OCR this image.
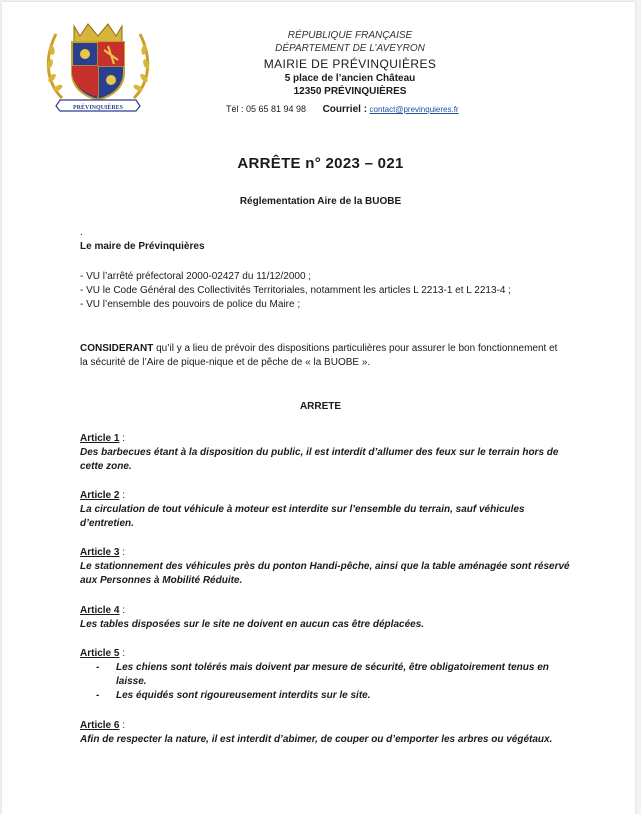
PRÉVINQUIÈRES
RÉPUBLIQUE FRANÇAISE
DÉPARTEMENT DE L’AVEYRON
MAIRIE DE PRÉVINQUIÈRES
5 place de l’ancien Château
12350 PRÉVINQUIÈRES
Tél : 05 65 81 94 98 Courriel : contact@previnquieres.fr
ARRÊTE n° 2023 – 021
Réglementation Aire de la BUOBE
.
Le maire de Prévinquières

- VU l’arrêté préfectoral 2000-02427 du 11/12/2000 ;

- VU le Code Général des Collectivités Territoriales, notamment les articles L 2213-1 et L 2213-4 ;

- VU l’ensemble des pouvoirs de police du Maire ;

CONSIDERANT qu’il y a lieu de prévoir des dispositions particulières pour assurer le bon fonctionnement et la sécurité de l’Aire de pique-nique et de pêche de « la BUOBE ».
ARRETE
Article 1 :
Des barbecues étant à la disposition du public, il est interdit d’allumer des feux sur le terrain hors de cette zone.
Article 2 :
La circulation de tout véhicule à moteur est interdite sur l’ensemble du terrain, sauf véhicules d’entretien.
Article 3 :
Le stationnement des véhicules près du ponton Handi-pêche, ainsi que la table aménagée sont réservé aux Personnes à Mobilité Réduite.
Article 4 :
Les tables disposées sur le site ne doivent en aucun cas être déplacées.
Article 5 :
- Les chiens sont tolérés mais doivent par mesure de sécurité, être obligatoirement tenus en laisse.
- Les équidés sont rigoureusement interdits sur le site.
Article 6 :
Afin de respecter la nature, il est interdit d’abimer, de couper ou d’emporter les arbres ou végétaux.
